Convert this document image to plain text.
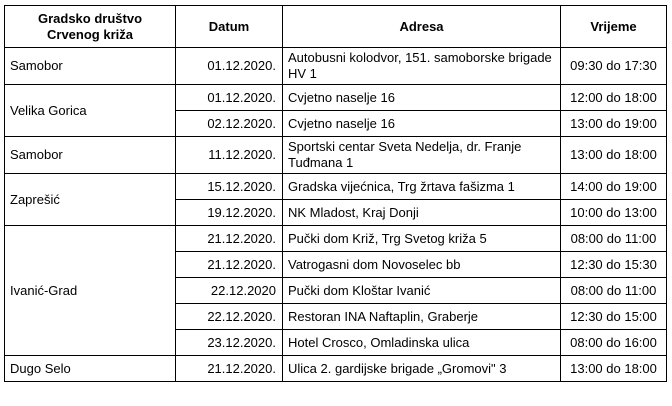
Gradsko društvo Crvenog križa	Datum	Adresa	Vrijeme
Samobor	01.12.2020.	Autobusni kolodvor, 151. samoborske brigade HV 1	09:30 do 17:30
Velika Gorica	01.12.2020.	Cvjetno naselje 16	12:00 do 18:00
	02.12.2020.	Cvjetno naselje 16	13:00 do 19:00
Samobor	11.12.2020.	Sportski centar Sveta Nedelja, dr. Franje Tuđmana 1	13:00 do 18:00
Zaprešić	15.12.2020.	Gradska vijećnica, Trg žrtava fašizma 1	14:00 do 19:00
	19.12.2020.	NK Mladost, Kraj Donji	10:00 do 13:00
Ivanić-Grad	21.12.2020.	Pučki dom Križ, Trg Svetog križa 5	08:00 do 11:00
	21.12.2020.	Vatrogasni dom Novoselec bb	12:30 do 15:30
	22.12.2020	Pučki dom Kloštar Ivanić	08:00 do 11:00
	22.12.2020.	Restoran INA Naftaplin, Graberje	12:30 do 15:00
	23.12.2020.	Hotel Crosco, Omladinska ulica	08:00 do 16:00
Dugo Selo	21.12.2020.	Ulica 2. gardijske brigade „Gromovi" 3	13:00 do 18:00
